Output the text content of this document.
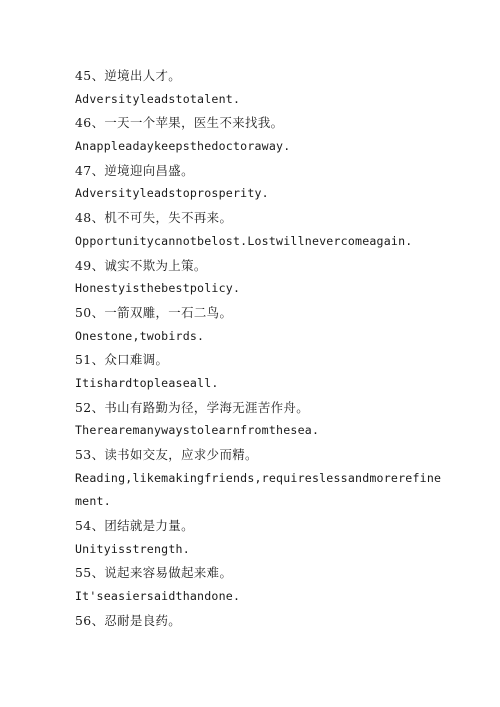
45、逆境出人才。
Adversityleadstotalent.
46、一天一个苹果，医生不来找我。
Anappleadaykeepsthedoctoraway.
47、逆境迎向昌盛。
Adversityleadstoprosperity.
48、机不可失，失不再来。
Opportunitycannotbelost.Lostwillnevercomeagain.
49、诚实不欺为上策。
Honestyisthebestpolicy.
50、一箭双雕，一石二鸟。
Onestone,twobirds.
51、众口难调。
Itishardtopleaseall.
52、书山有路勤为径，学海无涯苦作舟。
Therearemanywaystolearnfromthesea.
53、读书如交友，应求少而精。
Reading,likemakingfriends,requireslessandmorerefine
ment.
54、团结就是力量。
Unityisstrength.
55、说起来容易做起来难。
It'seasiersaidthandone.
56、忍耐是良药。
